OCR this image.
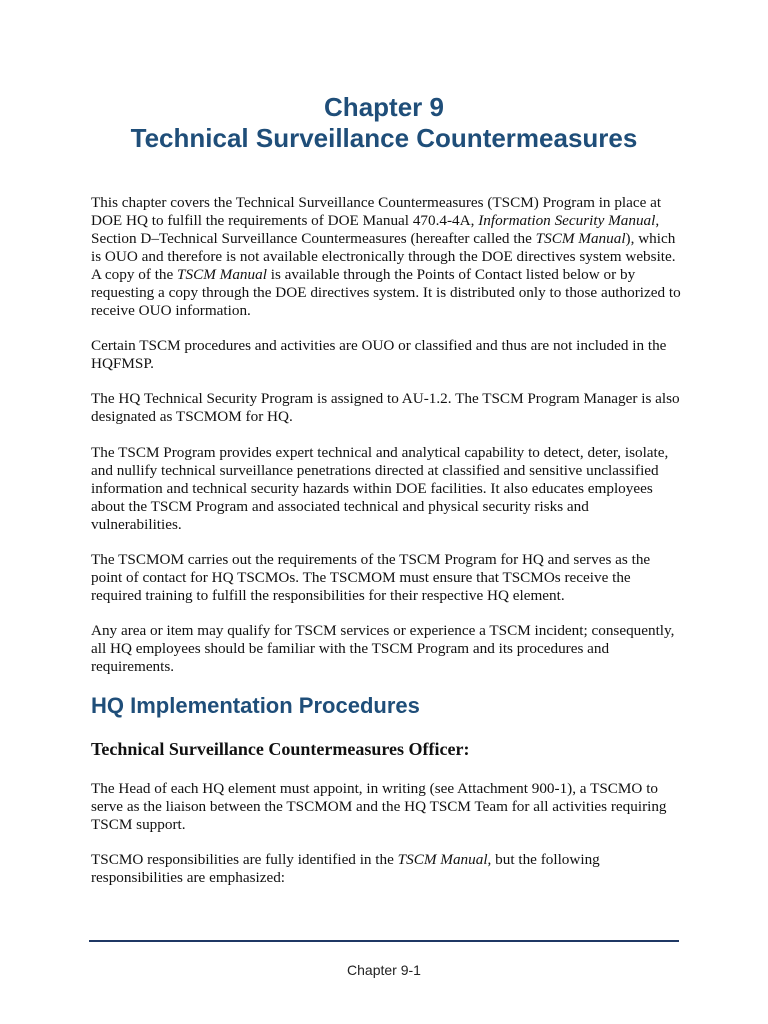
Chapter 9
Technical Surveillance Countermeasures

This chapter covers the Technical Surveillance Countermeasures (TSCM) Program in place at DOE HQ to fulfill the requirements of DOE Manual 470.4-4A, Information Security Manual, Section D–Technical Surveillance Countermeasures (hereafter called the TSCM Manual), which is OUO and therefore is not available electronically through the DOE directives system website. A copy of the TSCM Manual is available through the Points of Contact listed below or by requesting a copy through the DOE directives system. It is distributed only to those authorized to receive OUO information.

Certain TSCM procedures and activities are OUO or classified and thus are not included in the HQFMSP.

The HQ Technical Security Program is assigned to AU-1.2. The TSCM Program Manager is also designated as TSCMOM for HQ.

The TSCM Program provides expert technical and analytical capability to detect, deter, isolate, and nullify technical surveillance penetrations directed at classified and sensitive unclassified information and technical security hazards within DOE facilities. It also educates employees about the TSCM Program and associated technical and physical security risks and vulnerabilities.

The TSCMOM carries out the requirements of the TSCM Program for HQ and serves as the point of contact for HQ TSCMOs. The TSCMOM must ensure that TSCMOs receive the required training to fulfill the responsibilities for their respective HQ element.

Any area or item may qualify for TSCM services or experience a TSCM incident; consequently, all HQ employees should be familiar with the TSCM Program and its procedures and requirements.

HQ Implementation Procedures
Technical Surveillance Countermeasures Officer:

The Head of each HQ element must appoint, in writing (see Attachment 900-1), a TSCMO to serve as the liaison between the TSCMOM and the HQ TSCM Team for all activities requiring TSCM support.

TSCMO responsibilities are fully identified in the TSCM Manual, but the following responsibilities are emphasized:

Chapter 9-1
